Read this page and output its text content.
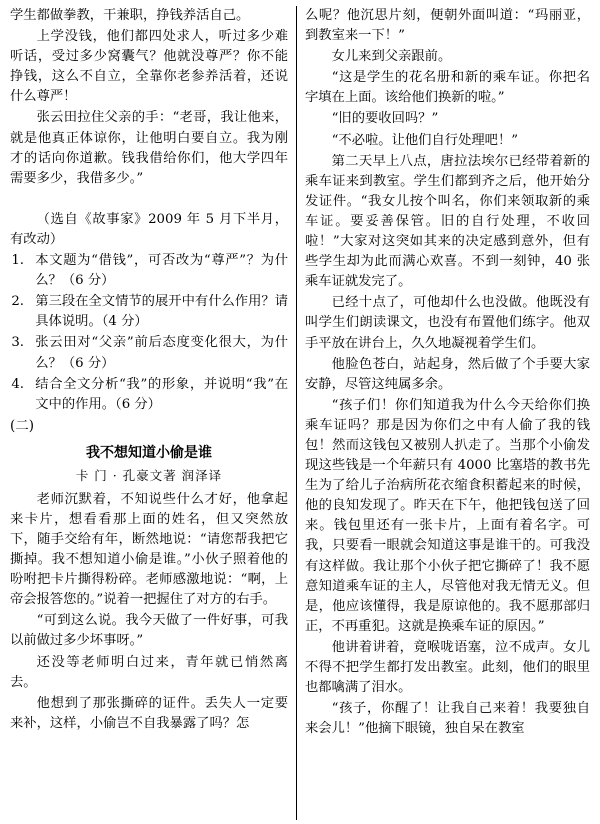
学生都做拳教，干兼职，挣钱养活自己。

上学没钱，他们都四处求人，听过多少难听话，受过多少窝囊气？他就没尊严？你不能挣钱，这么不自立，全靠你老参养活着，还说什么尊严！

张云田拉住父亲的手：“老哥，我让他来，就是他真正体谅你，让他明白要自立。我为刚才的话向你道歉。钱我借给你们，他大学四年需要多少，我借多少。”

（选自《故事家》2009 年 5 月下半月，有改动）

1. 本文题为“借钱”，可否改为“尊严”？为什么？（6 分）

2. 第三段在全文情节的展开中有什么作用？请具体说明。（4 分）

3. 张云田对“父亲”前后态度变化很大，为什么？（6 分）

4. 结合全文分析“我”的形象，并说明“我”在文中的作用。（6 分）

(二)

我不想知道小偷是谁
卡 门 · 孔豪文著 润泽译

老师沉默着，不知说些什么才好，他拿起来卡片，想看看那上面的姓名，但又突然放下，随手交给有年，断然地说：“请您帮我把它撕掉。我不想知道小偷是谁。”小伙子照着他的吩咐把卡片撕得粉碎。老师感激地说：“啊，上帝会报答您的。”说着一把握住了对方的右手。

“可到这么说。我今天做了一件好事，可我以前做过多少坏事呀。”

还没等老师明白过来，青年就已悄然离去。

他想到了那张撕碎的证件。丢失人一定要来补，这样，小偷岂不自我暴露了吗？怎

么呢？他沉思片刻，便朝外面叫道：“玛丽亚，到教室来一下！”

女儿来到父亲跟前。

“这是学生的花名册和新的乘车证。你把名字填在上面。该给他们换新的啦。”

“旧的要收回吗？”

“不必啦。让他们自行处理吧！”

第二天早上八点，唐拉法埃尔已经带着新的乘车证来到教室。学生们都到齐之后，他开始分发证件。“我女儿按个叫名，你们来领取新的乘车证。要妥善保管。旧的自行处理，不收回啦！”大家对这突如其来的决定感到意外，但有些学生却为此而满心欢喜。不到一刻钟，40 张乘车证就发完了。

已经十点了，可他却什么也没做。他既没有叫学生们朗读课文，也没有布置他们练字。他双手平放在讲台上，久久地凝视着学生们。

他脸色苍白，站起身，然后做了个手要大家安静，尽管这纯属多余。

“孩子们！你们知道我为什么今天给你们换乘车证吗？那是因为你们之中有人偷了我的钱包！然而这钱包又被别人扒走了。当那个小偷发现这些钱是一个年薪只有 4000 比塞塔的教书先生为了给儿子治病所花衣缩食积蓄起来的时候，他的良知发现了。昨天在下午，他把钱包送了回来。钱包里还有一张卡片，上面有着名字。可我，只要看一眼就会知道这事是谁干的。可我没有这样做。我让那个小伙子把它撕碎了！我不愿意知道乘车证的主人，尽管他对我无情无义。但是，他应该懂得，我是原谅他的。我不愿那部归正，不再重犯。这就是换乘车证的原因。”

他讲着讲着，竟喉咙语塞，泣不成声。女儿不得不把学生都打发出教室。此刻，他们的眼里也都噙满了泪水。

“孩子，你醒了！让我自己来着！我要独自来会儿！”他摘下眼镜，独自呆在教室
